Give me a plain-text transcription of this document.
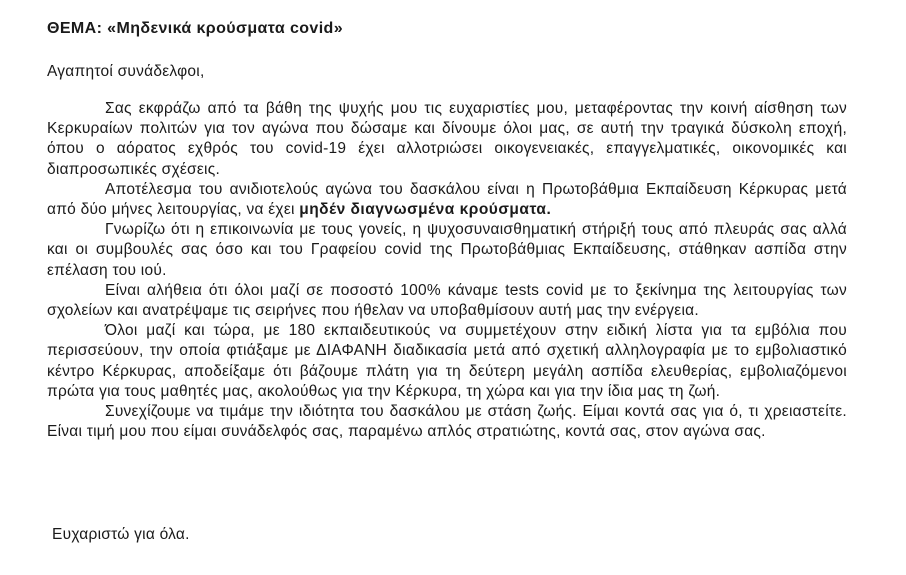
ΘΕΜΑ: «Μηδενικά κρούσματα covid»
Αγαπητοί συνάδελφοι,

Σας εκφράζω από τα βάθη της ψυχής μου τις ευχαριστίες μου, μεταφέροντας την κοινή αίσθηση των Κερκυραίων πολιτών για τον αγώνα που δώσαμε και δίνουμε όλοι μας, σε αυτή την τραγικά δύσκολη εποχή, όπου ο αόρατος εχθρός του covid-19 έχει αλλοτριώσει οικογενειακές, επαγγελματικές, οικονομικές και διαπροσωπικές σχέσεις.

Αποτέλεσμα του ανιδιοτελούς αγώνα του δασκάλου είναι η Πρωτοβάθμια Εκπαίδευση Κέρκυρας μετά από δύο μήνες λειτουργίας, να έχει μηδέν διαγνωσμένα κρούσματα.

Γνωρίζω ότι η επικοινωνία με τους γονείς, η ψυχοσυναισθηματική στήριξή τους από πλευράς σας αλλά και οι συμβουλές σας όσο και του Γραφείου covid της Πρωτοβάθμιας Εκπαίδευσης, στάθηκαν ασπίδα στην επέλαση του ιού.

Είναι αλήθεια ότι όλοι μαζί σε ποσοστό 100% κάναμε tests covid με το ξεκίνημα της λειτουργίας των σχολείων και ανατρέψαμε τις σειρήνες που ήθελαν να υποβαθμίσουν αυτή μας την ενέργεια.

Όλοι μαζί και τώρα, με 180 εκπαιδευτικούς να συμμετέχουν στην ειδική λίστα για τα εμβόλια που περισσεύουν, την οποία φτιάξαμε με ΔΙΑΦΑΝΗ διαδικασία μετά από σχετική αλληλογραφία με το εμβολιαστικό κέντρο Κέρκυρας, αποδείξαμε ότι βάζουμε πλάτη για τη δεύτερη μεγάλη ασπίδα ελευθερίας, εμβολιαζόμενοι πρώτα για τους μαθητές μας, ακολούθως για την Κέρκυρα, τη χώρα και για την ίδια μας τη ζωή.

Συνεχίζουμε να τιμάμε την ιδιότητα του δασκάλου με στάση ζωής. Είμαι κοντά σας για ό, τι χρειαστείτε. Είναι τιμή μου που είμαι συνάδελφός σας, παραμένω απλός στρατιώτης, κοντά σας, στον αγώνα σας.

Ευχαριστώ για όλα.
